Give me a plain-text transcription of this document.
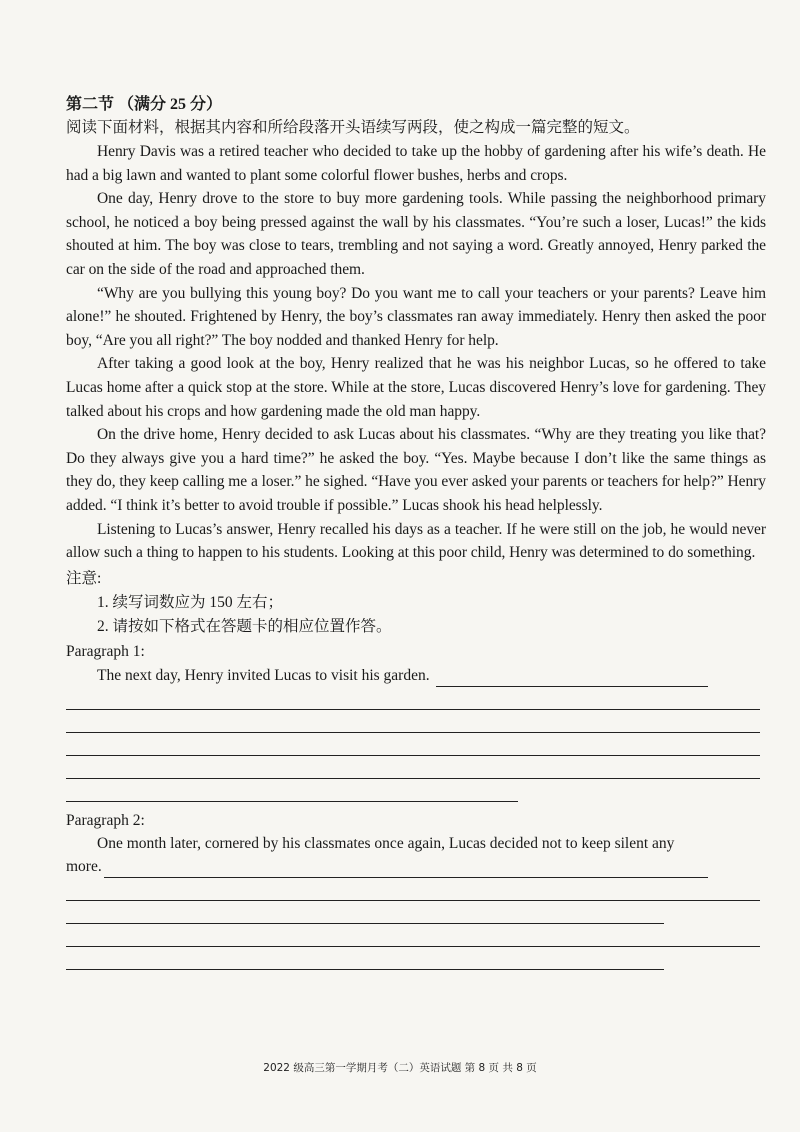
第二节 （满分 25 分）

阅读下面材料，根据其内容和所给段落开头语续写两段，使之构成一篇完整的短文。

Henry Davis was a retired teacher who decided to take up the hobby of gardening after his wife’s death. He had a big lawn and wanted to plant some colorful flower bushes, herbs and crops.

One day, Henry drove to the store to buy more gardening tools. While passing the neighborhood primary school, he noticed a boy being pressed against the wall by his classmates. “You’re such a loser, Lucas!” the kids shouted at him. The boy was close to tears, trembling and not saying a word. Greatly annoyed, Henry parked the car on the side of the road and approached them.

“Why are you bullying this young boy? Do you want me to call your teachers or your parents? Leave him alone!” he shouted. Frightened by Henry, the boy’s classmates ran away immediately. Henry then asked the poor boy, “Are you all right?” The boy nodded and thanked Henry for help.

After taking a good look at the boy, Henry realized that he was his neighbor Lucas, so he offered to take Lucas home after a quick stop at the store. While at the store, Lucas discovered Henry’s love for gardening. They talked about his crops and how gardening made the old man happy.

On the drive home, Henry decided to ask Lucas about his classmates. “Why are they treating you like that? Do they always give you a hard time?” he asked the boy. “Yes. Maybe because I don’t like the same things as they do, they keep calling me a loser.” he sighed. “Have you ever asked your parents or teachers for help?” Henry added. “I think it’s better to avoid trouble if possible.” Lucas shook his head helplessly.

Listening to Lucas’s answer, Henry recalled his days as a teacher. If he were still on the job, he would never allow such a thing to happen to his students. Looking at this poor child, Henry was determined to do something.

注意:

1. 续写词数应为 150 左右；

2. 请按如下格式在答题卡的相应位置作答。

Paragraph 1:

The next day, Henry invited Lucas to visit his garden.

Paragraph 2:

One month later, cornered by his classmates once again, Lucas decided not to keep silent any

more.
2022 级高三第一学期月考（二）英语试题 第 8 页 共 8 页
